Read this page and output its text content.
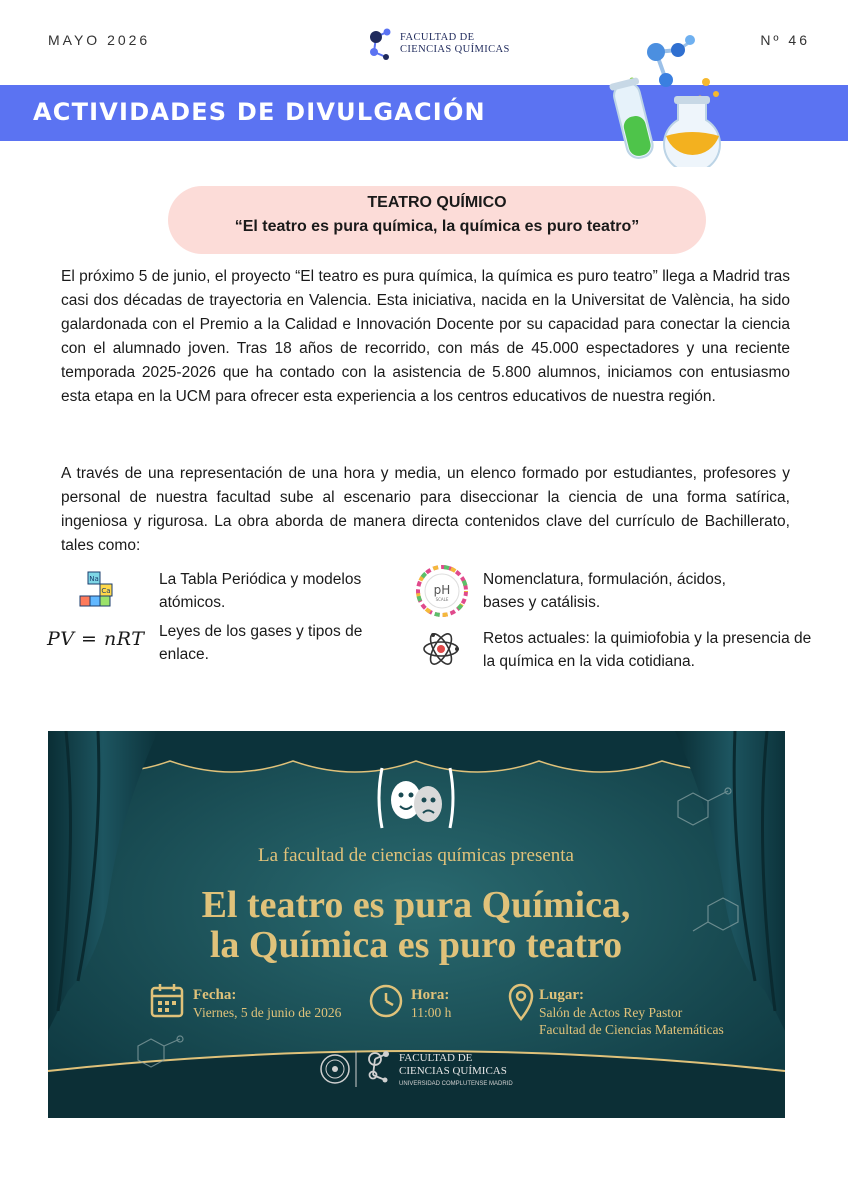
MAYO 2026	FACULTAD DE
CIENCIAS QUÍMICAS
Nº 46
ACTIVIDADES DE DIVULGACIÓN
TEATRO QUÍMICO
“El teatro es pura química, la química es puro teatro”
El próximo 5 de junio, el proyecto “El teatro es pura química, la química es puro teatro” llega a Madrid tras casi dos décadas de trayectoria en Valencia. Esta iniciativa, nacida en la Universitat de València, ha sido galardonada con el Premio a la Calidad e Innovación Docente por su capacidad para conectar la ciencia con el alumnado joven. Tras 18 años de recorrido, con más de 45.000 espectadores y una reciente temporada 2025-2026 que ha contado con la asistencia de 5.800 alumnos, iniciamos con entusiasmo esta etapa en la UCM para ofrecer esta experiencia a los centros educativos de nuestra región.
A través de una representación de una hora y media, un elenco formado por estudiantes, profesores y personal de nuestra facultad sube al escenario para diseccionar la ciencia de una forma satírica, ingeniosa y rigurosa. La obra aborda de manera directa contenidos clave del currículo de Bachillerato, tales como:
Na
Ca
La Tabla Periódica y modelos atómicos.
pH
SCALE
Nomenclatura, formulación, ácidos, bases y catálisis.
PV = nRT Leyes de los gases y tipos de enlace.
Retos actuales: la quimiofobia y la presencia de la química en la vida cotidiana.
La facultad de ciencias químicas presenta
El teatro es pura Química,
la Química es puro teatro
Fecha:
Viernes, 5 de junio de 2026
Hora:
11:00 h
Lugar:
Salón de Actos Rey Pastor
Facultad de Ciencias Matemáticas
FACULTAD DE
CIENCIAS QUÍMICAS
UNIVERSIDAD COMPLUTENSE MADRID
